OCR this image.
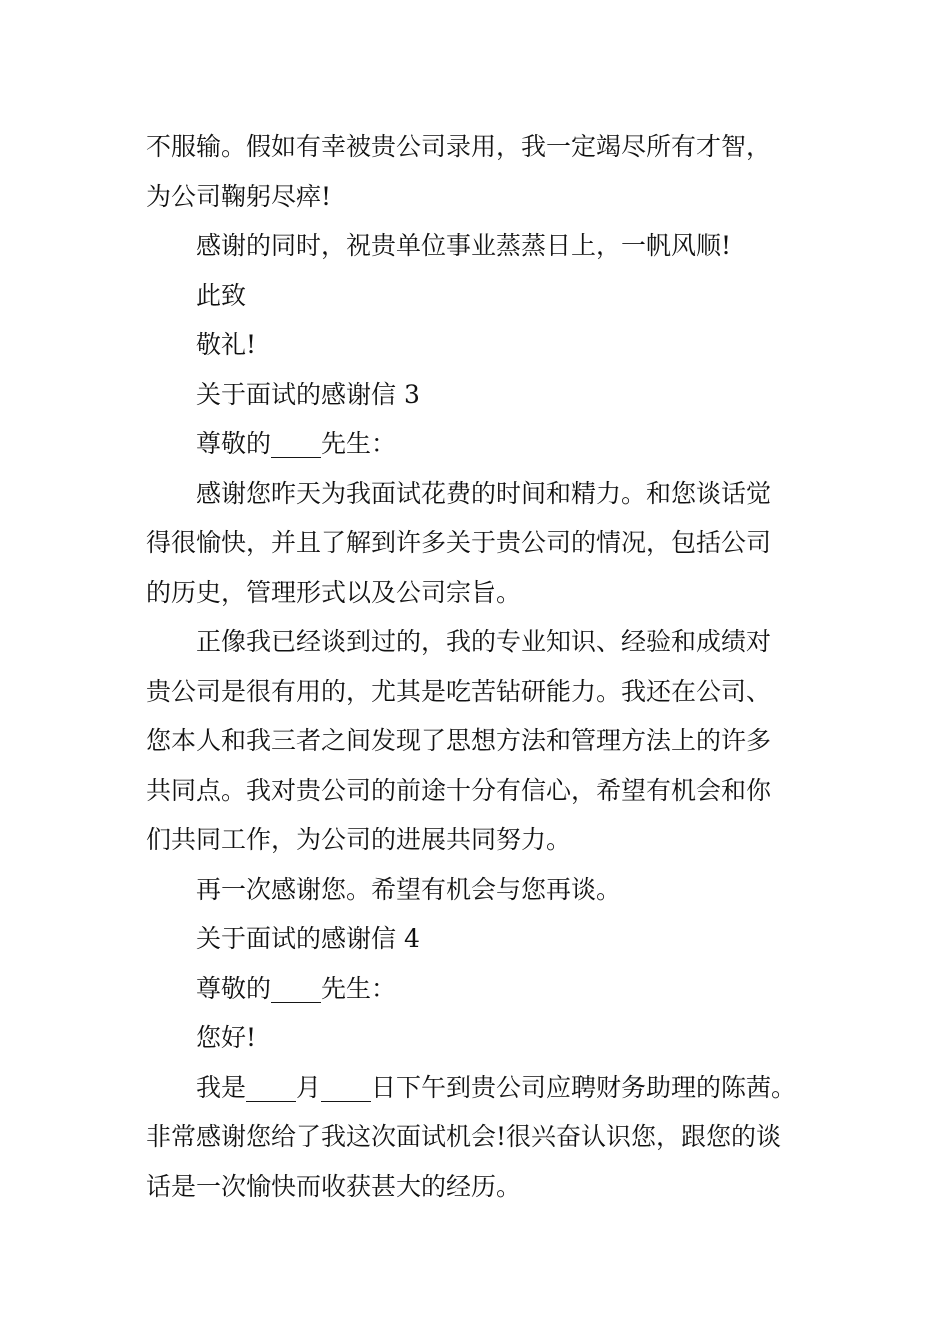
不服输。假如有幸被贵公司录用，我一定竭尽所有才智，
为公司鞠躬尽瘁!
感谢的同时，祝贵单位事业蒸蒸日上，一帆风顺!
此致
敬礼!
关于面试的感谢信 3
尊敬的____先生：
感谢您昨天为我面试花费的时间和精力。和您谈话觉
得很愉快，并且了解到许多关于贵公司的情况，包括公司
的历史，管理形式以及公司宗旨。
正像我已经谈到过的，我的专业知识、经验和成绩对
贵公司是很有用的，尤其是吃苦钻研能力。我还在公司、
您本人和我三者之间发现了思想方法和管理方法上的许多
共同点。我对贵公司的前途十分有信心，希望有机会和你
们共同工作，为公司的进展共同努力。
再一次感谢您。希望有机会与您再谈。
关于面试的感谢信 4
尊敬的____先生：
您好!
我是____月____日下午到贵公司应聘财务助理的陈茜。
非常感谢您给了我这次面试机会!很兴奋认识您，跟您的谈
话是一次愉快而收获甚大的经历。
